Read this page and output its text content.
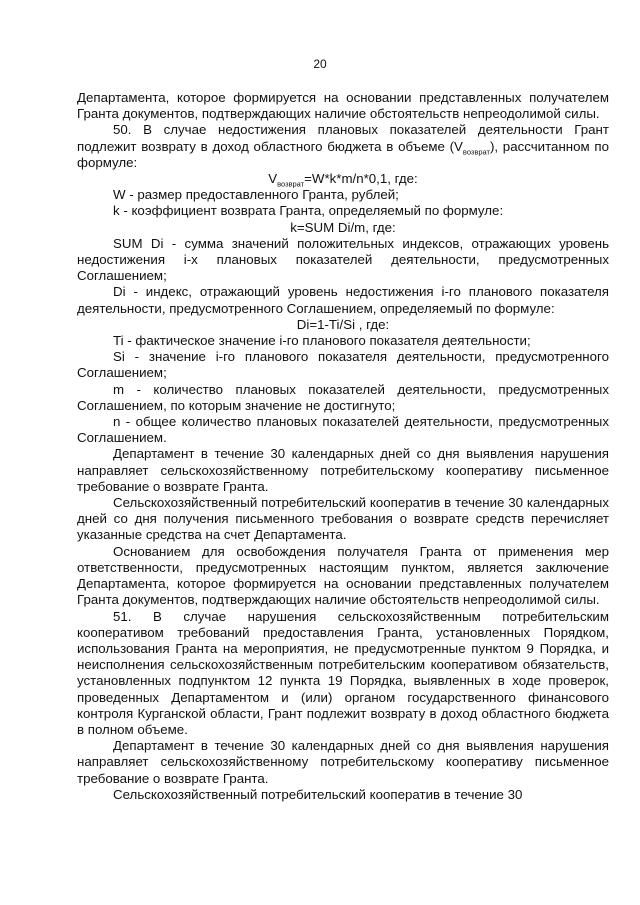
20

Департамента, которое формируется на основании представленных получателем Гранта документов, подтверждающих наличие обстоятельств непреодолимой силы.

50. В случае недостижения плановых показателей деятельности Грант подлежит возврату в доход областного бюджета в объеме $(V_{возврат})$, рассчитанном по формуле:

$V_{возврат}=W*k*m/n*0,1$, где:

W - размер предоставленного Гранта, рублей;

k - коэффициент возврата Гранта, определяемый по формуле:

k=SUM Di/m, где:

SUM Di - сумма значений положительных индексов, отражающих уровень недостижения i-х плановых показателей деятельности, предусмотренных Соглашением;

Di - индекс, отражающий уровень недостижения i-го планового показателя деятельности, предусмотренного Соглашением, определяемый по формуле:

Di=1-Ti/Si , где:

Ti - фактическое значение i-го планового показателя деятельности;

Si - значение i-го планового показателя деятельности, предусмотренного Соглашением;

m - количество плановых показателей деятельности, предусмотренных Соглашением, по которым значение не достигнуто;

n - общее количество плановых показателей деятельности, предусмотренных Соглашением.

Департамент в течение 30 календарных дней со дня выявления нарушения направляет сельскохозяйственному потребительскому кооперативу письменное требование о возврате Гранта.

Сельскохозяйственный потребительский кооператив в течение 30 календарных дней со дня получения письменного требования о возврате средств перечисляет указанные средства на счет Департамента.

Основанием для освобождения получателя Гранта от применения мер ответственности, предусмотренных настоящим пунктом, является заключение Департамента, которое формируется на основании представленных получателем Гранта документов, подтверждающих наличие обстоятельств непреодолимой силы.

51. В случае нарушения сельскохозяйственным потребительским кооперативом требований предоставления Гранта, установленных Порядком, использования Гранта на мероприятия, не предусмотренные пунктом 9 Порядка, и неисполнения сельскохозяйственным потребительским кооперативом обязательств, установленных подпунктом 12 пункта 19 Порядка, выявленных в ходе проверок, проведенных Департаментом и (или) органом государственного финансового контроля Курганской области, Грант подлежит возврату в доход областного бюджета в полном объеме.

Департамент в течение 30 календарных дней со дня выявления нарушения направляет сельскохозяйственному потребительскому кооперативу письменное требование о возврате Гранта.

Сельскохозяйственный потребительский кооператив в течение 30
